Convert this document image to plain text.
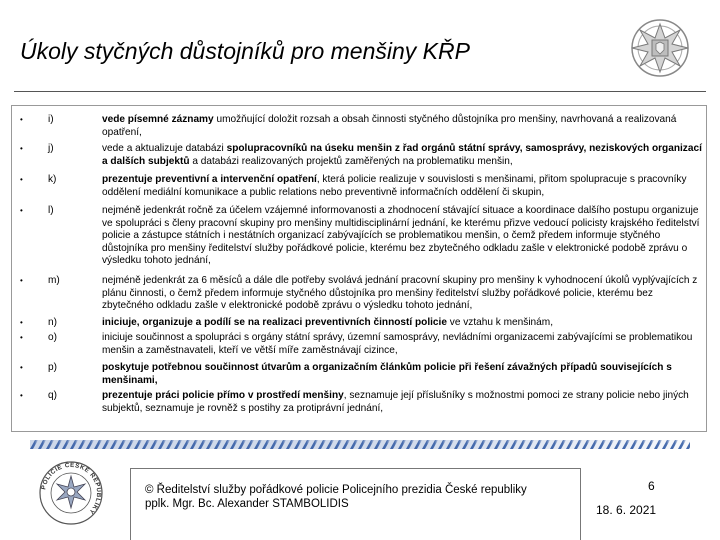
Úkoly styčných důstojníků pro menšiny KŘP
• i)	vede písemné záznamy umožňující doložit rozsah a obsah činnosti styčného důstojníka pro menšiny, navrhovaná a realizovaná opatření,
• j)	vede a aktualizuje databázi spolupracovníků na úseku menšin z řad orgánů státní správy, samosprávy, neziskových organizací a dalších subjektů a databázi realizovaných projektů zaměřených na problematiku menšin,
• k)	prezentuje preventivní a intervenční opatření, která policie realizuje v souvislosti s menšinami, přitom spolupracuje s pracovníky oddělení mediální komunikace a public relations nebo preventivně informačních oddělení či skupin,
• l)	nejméně jedenkrát ročně za účelem vzájemné informovanosti a zhodnocení stávající situace a koordinace dalšího postupu organizuje ve spolupráci s členy pracovní skupiny pro menšiny multidisciplinární jednání, ke kterému přizve vedoucí policisty krajského ředitelství policie a zástupce státních i nestátních organizací zabývajících se problematikou menšin, o čemž předem informuje styčného důstojníka pro menšiny ředitelství služby pořádkové policie, kterému bez zbytečného odkladu zašle v elektronické podobě zprávu o výsledku tohoto jednání,
• m)	nejméně jedenkrát za 6 měsíců a dále dle potřeby svolává jednání pracovní skupiny pro menšiny k vyhodnocení úkolů vyplývajících z plánu činnosti, o čemž předem informuje styčného důstojníka pro menšiny ředitelství služby pořádkové policie, kterému bez zbytečného odkladu zašle v elektronické podobě zprávu o výsledku tohoto jednání,
• n)	iniciuje, organizuje a podílí se na realizaci preventivních činností policie ve vztahu k menšinám,
• o)	iniciuje součinnost a spolupráci s orgány státní správy, územní samosprávy, nevládními organizacemi zabývajícími se problematikou menšin a zaměstnavateli, kteří ve větší míře zaměstnávají cizince,
• p)	poskytuje potřebnou součinnost útvarům a organizačním článkům policie při řešení závažných případů souvisejících s menšinami,
• q)	prezentuje práci policie přímo v prostředí menšiny, seznamuje její příslušníky s možnostmi pomoci ze strany policie nebo jiných subjektů, seznamuje je rovněž s postihy za protiprávní jednání,
POLICIE ČESKÉ REPUBLIKY
© Ředitelství služby pořádkové policie Policejního prezidia České republiky
pplk. Mgr. Bc. Alexander STAMBOLIDIS
6
18. 6. 2021
